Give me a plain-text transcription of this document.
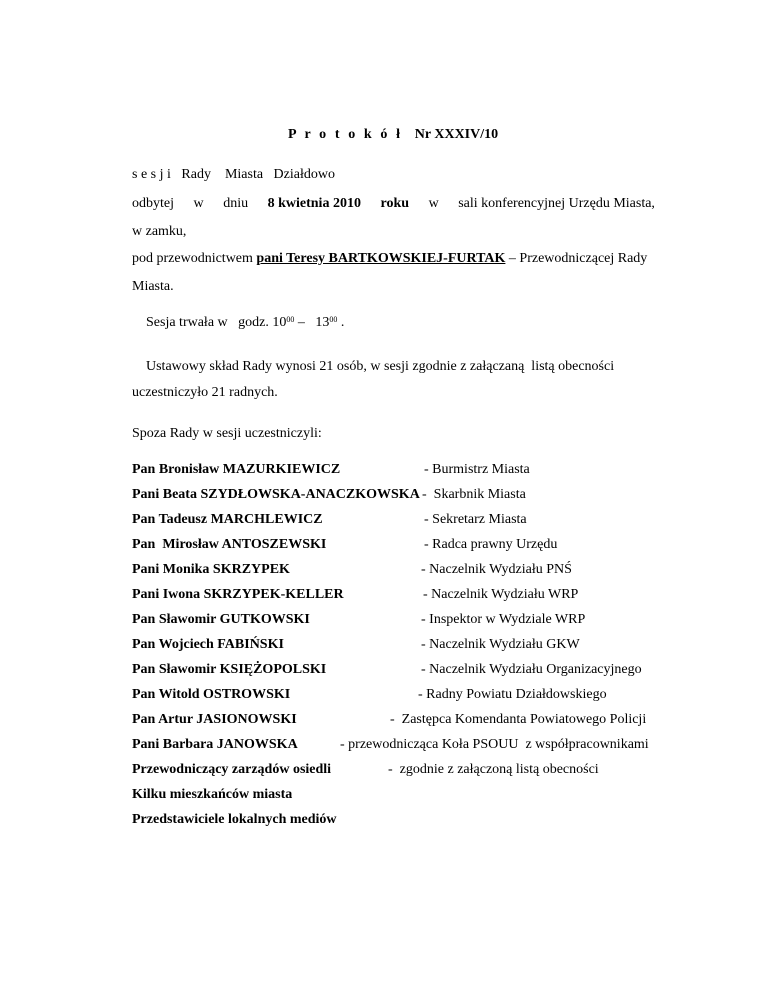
P r o t o k ó ł Nr XXXIV/10
s e s j i   Rady    Miasta   Działdowo
odbytej w dniu 8 kwietnia 2010 roku w sali konferencyjnej Urzędu Miasta,
w zamku,
pod przewodnictwem pani Teresy BARTKOWSKIEJ-FURTAK – Przewodniczącej Rady
Miasta.
Sesja trwała w   godz. $10^{00} - 13^{00}$ .
Ustawowy skład Rady wynosi 21 osób, w sesji zgodnie z załączaną  listą obecności
uczestniczyło 21 radnych.
Spoza Rady w sesji uczestniczyli:
Pan Bronisław MAZURKIEWICZ	- Burmistrz Miasta
Pani Beata SZYDŁOWSKA-ANACZKOWSKA -  Skarbnik Miasta
Pan Tadeusz MARCHLEWICZ	- Sekretarz Miasta
Pan  Mirosław ANTOSZEWSKI	- Radca prawny Urzędu
Pani Monika SKRZYPEK	- Naczelnik Wydziału PNŚ
Pani Iwona SKRZYPEK-KELLER	- Naczelnik Wydziału WRP
Pan Sławomir GUTKOWSKI	- Inspektor w Wydziale WRP
Pan Wojciech FABIŃSKI	- Naczelnik Wydziału GKW
Pan Sławomir KSIĘŻOPOLSKI	- Naczelnik Wydziału Organizacyjnego
Pan Witold OSTROWSKI	- Radny Powiatu Działdowskiego
Pan Artur JASIONOWSKI	-  Zastępca Komendanta Powiatowego Policji
Pani Barbara JANOWSKA	- przewodnicząca Koła PSOUU  z współpracownikami
Przewodniczący zarządów osiedli	-  zgodnie z załączoną listą obecności
Kilku mieszkańców miasta
Przedstawiciele lokalnych mediów
